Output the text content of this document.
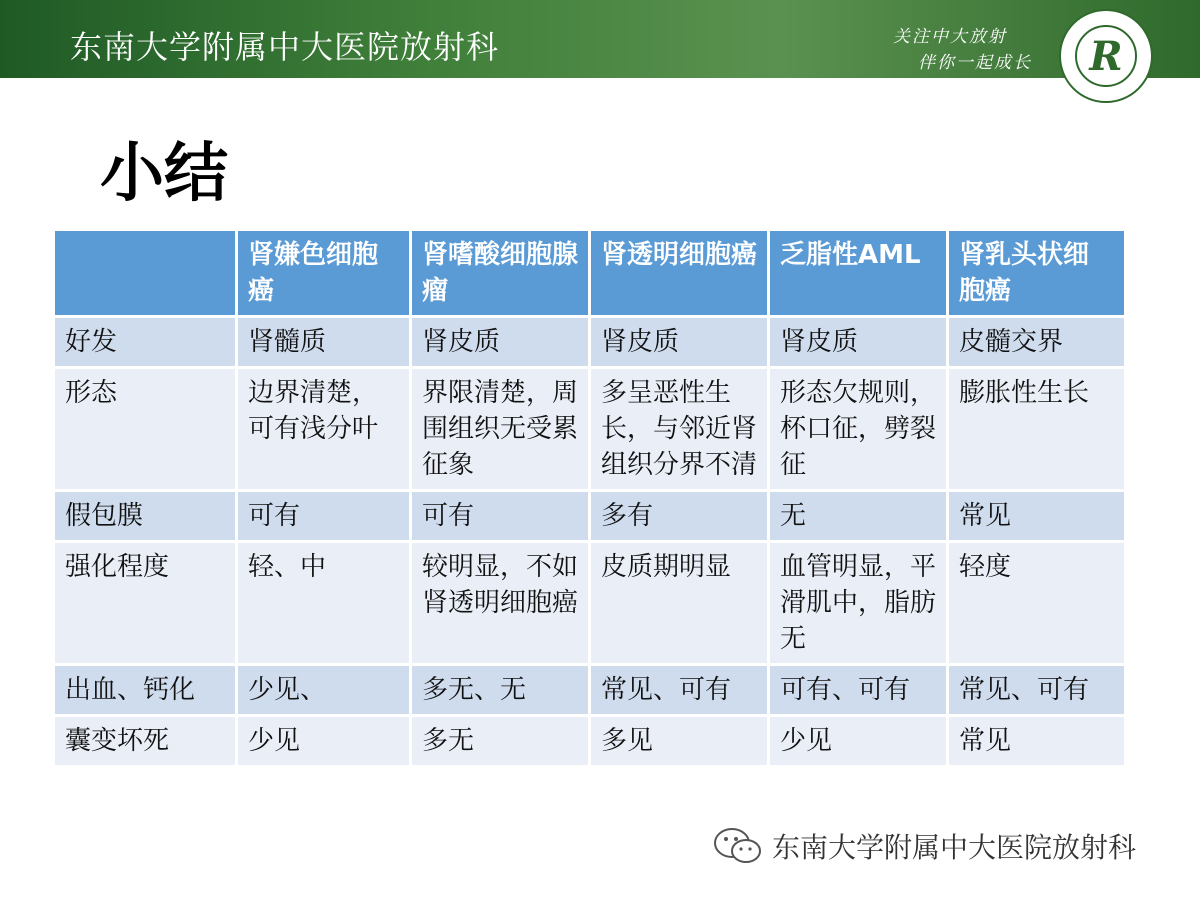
东南大学附属中大医院放射科	关注中大放射
伴你一起成长 R
小结
	肾嫌色细胞癌	肾嗜酸细胞腺瘤	肾透明细胞癌	乏脂性AML	肾乳头状细胞癌
好发	肾髓质	肾皮质	肾皮质	肾皮质	皮髓交界
形态	边界清楚，可有浅分叶	界限清楚，周围组织无受累征象	多呈恶性生长，与邻近肾组织分界不清	形态欠规则，杯口征，劈裂征	膨胀性生长
假包膜	可有	可有	多有	无	常见
强化程度	轻、中	较明显，不如肾透明细胞癌	皮质期明显	血管明显，平滑肌中，脂肪无	轻度
出血、钙化	少见、	多无、无	常见、可有	可有、可有	常见、可有
囊变坏死	少见	多无	多见	少见	常见
东南大学附属中大医院放射科
